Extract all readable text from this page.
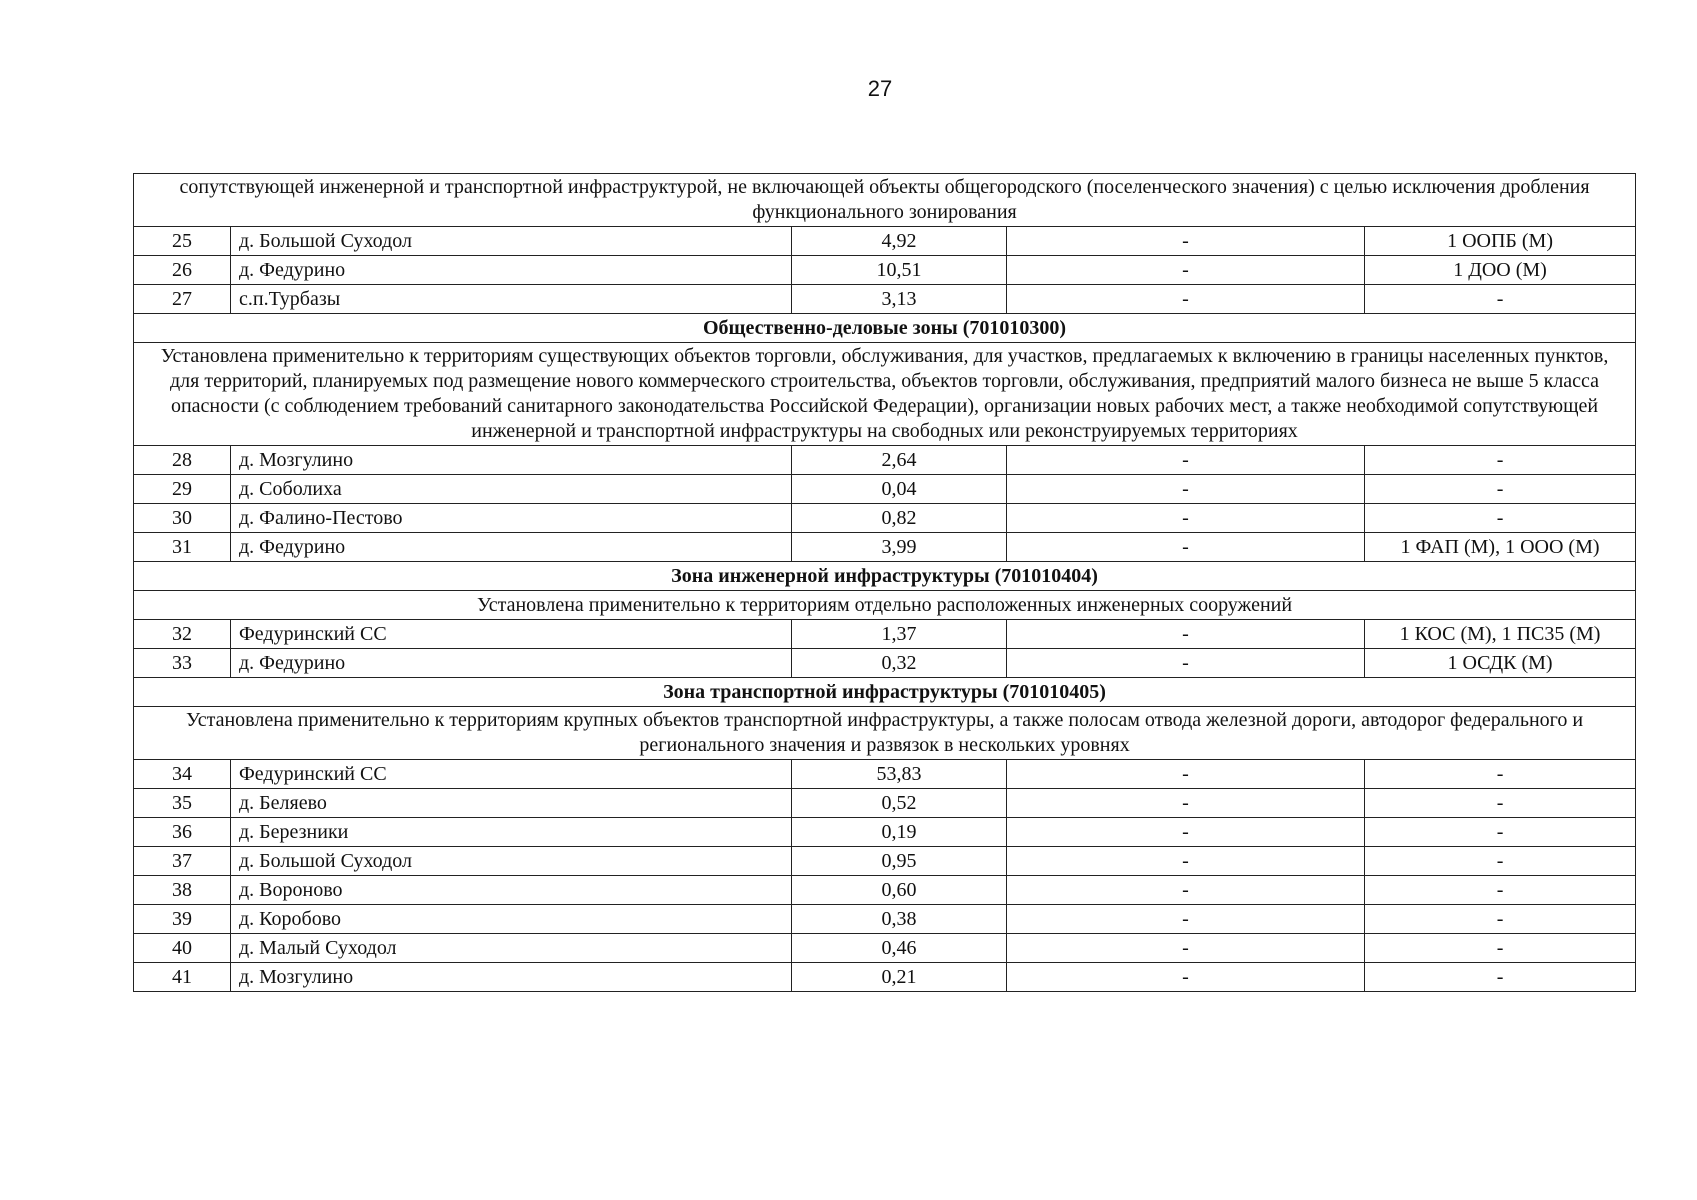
27
сопутствующей инженерной и транспортной инфраструктурой, не включающей объекты общегородского (поселенческого значения) с целью исключения дробления функционального зонирования				
25	д. Большой Суходол	4,92	-	1 ООПБ (М)
26	д. Федурино	10,51	-	1 ДОО (М)
27	с.п.Турбазы	3,13	-	-
Общественно-деловые зоны (701010300)				
Установлена применительно к территориям существующих объектов торговли, обслуживания, для участков, предлагаемых к включению в границы населенных пунктов, для территорий, планируемых под размещение нового коммерческого строительства, объектов торговли, обслуживания, предприятий малого бизнеса не выше 5 класса опасности (с соблюдением требований санитарного законодательства Российской Федерации), организации новых рабочих мест, а также необходимой сопутствующей инженерной и транспортной инфраструктуры на свободных или реконструируемых территориях				
28	д. Мозгулино	2,64	-	-
29	д. Соболиха	0,04	-	-
30	д. Фалино-Пестово	0,82	-	-
31	д. Федурино	3,99	-	1 ФАП (М), 1 ООО (М)
Зона инженерной инфраструктуры (701010404)				
Установлена применительно к территориям отдельно расположенных инженерных сооружений				
32	Федуринский СС	1,37	-	1 КОС (М), 1 ПС35 (М)
33	д. Федурино	0,32	-	1 ОСДК (М)
Зона транспортной инфраструктуры (701010405)				
Установлена применительно к территориям крупных объектов транспортной инфраструктуры, а также полосам отвода железной дороги, автодорог федерального и регионального значения и развязок в нескольких уровнях				
34	Федуринский СС	53,83	-	-
35	д. Беляево	0,52	-	-
36	д. Березники	0,19	-	-
37	д. Большой Суходол	0,95	-	-
38	д. Вороново	0,60	-	-
39	д. Коробово	0,38	-	-
40	д. Малый Суходол	0,46	-	-
41	д. Мозгулино	0,21	-	-
